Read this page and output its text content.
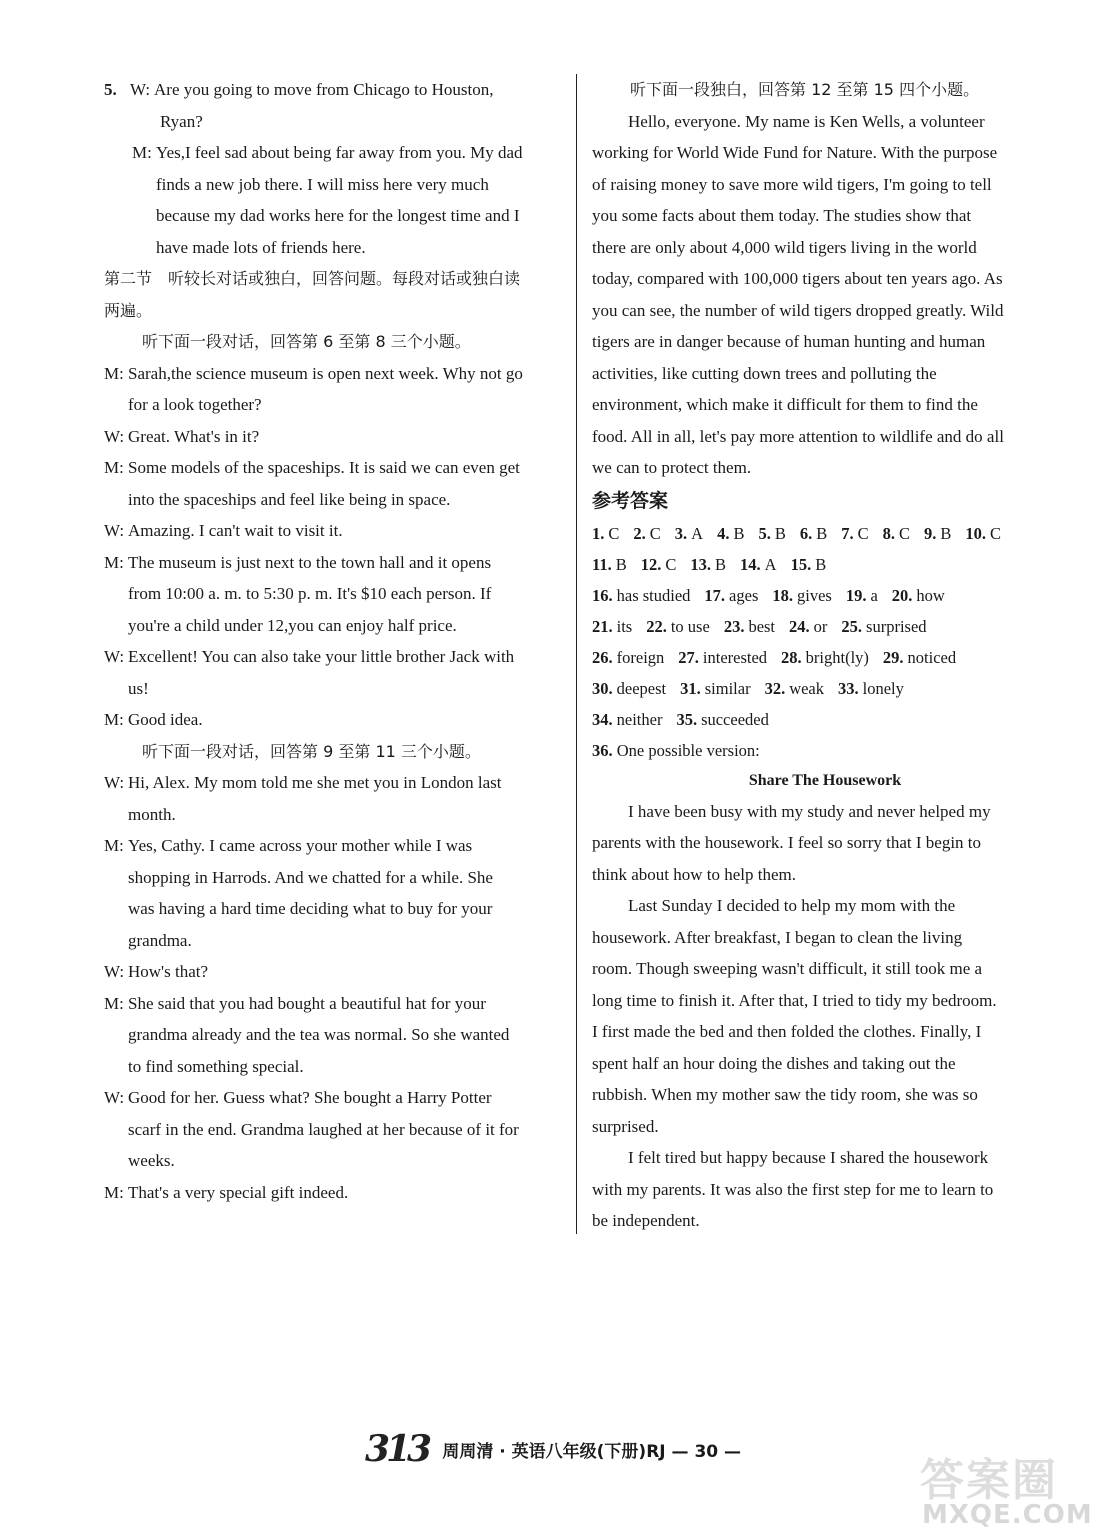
5. W: Are you going to move from Chicago to Houston,
Ryan?
M: Yes,I feel sad about being far away from you. My dad
finds a new job there. I will miss here very much
because my dad works here for the longest time and I
have made lots of friends here.
第二节　听较长对话或独白，回答问题。每段对话或独白读
两遍。
听下面一段对话，回答第 6 至第 8 三个小题。
M: Sarah,the science museum is open next week. Why not go
for a look together?
W: Great. What's in it?
M: Some models of the spaceships. It is said we can even get
into the spaceships and feel like being in space.
W: Amazing. I can't wait to visit it.
M: The museum is just next to the town hall and it opens
from 10:00 a. m. to 5:30 p. m. It's $10 each person. If
you're a child under 12,you can enjoy half price.
W: Excellent! You can also take your little brother Jack with
us!
M: Good idea.
听下面一段对话，回答第 9 至第 11 三个小题。
W: Hi, Alex. My mom told me she met you in London last
month.
M: Yes, Cathy. I came across your mother while I was
shopping in Harrods. And we chatted for a while. She
was having a hard time deciding what to buy for your
grandma.
W: How's that?
M: She said that you had bought a beautiful hat for your
grandma already and the tea was normal. So she wanted
to find something special.
W: Good for her. Guess what? She bought a Harry Potter
scarf in the end. Grandma laughed at her because of it for
weeks.
M: That's a very special gift indeed.
听下面一段独白，回答第 12 至第 15 四个小题。
Hello, everyone. My name is Ken Wells, a volunteer
working for World Wide Fund for Nature. With the purpose
of raising money to save more wild tigers, I'm going to tell
you some facts about them today. The studies show that
there are only about 4,000 wild tigers living in the world
today, compared with 100,000 tigers about ten years ago. As
you can see, the number of wild tigers dropped greatly. Wild
tigers are in danger because of human hunting and human
activities, like cutting down trees and polluting the
environment, which make it difficult for them to find the
food. All in all, let's pay more attention to wildlife and do all
we can to protect them.
参考答案
1. C 2. C 3. A 4. B 5. B 6. B 7. C 8. C 9. B 10. C
11. B 12. C 13. B 14. A 15. B
16. has studied 17. ages 18. gives 19. a 20. how
21. its 22. to use 23. best 24. or 25. surprised
26. foreign 27. interested 28. bright(ly) 29. noticed
30. deepest 31. similar 32. weak 33. lonely
34. neither 35. succeeded
36. One possible version:
Share The Housework
I have been busy with my study and never helped my
parents with the housework. I feel so sorry that I begin to
think about how to help them.
Last Sunday I decided to help my mom with the
housework. After breakfast, I began to clean the living
room. Though sweeping wasn't difficult, it still took me a
long time to finish it. After that, I tried to tidy my bedroom.
I first made the bed and then folded the clothes. Finally, I
spent half an hour doing the dishes and taking out the
rubbish. When my mother saw the tidy room, she was so
surprised.
I felt tired but happy because I shared the housework
with my parents. It was also the first step for me to learn to
be independent.
313 周周清 · 英语八年级(下册)RJ — 30 —
答案圈
MXQE.COM
